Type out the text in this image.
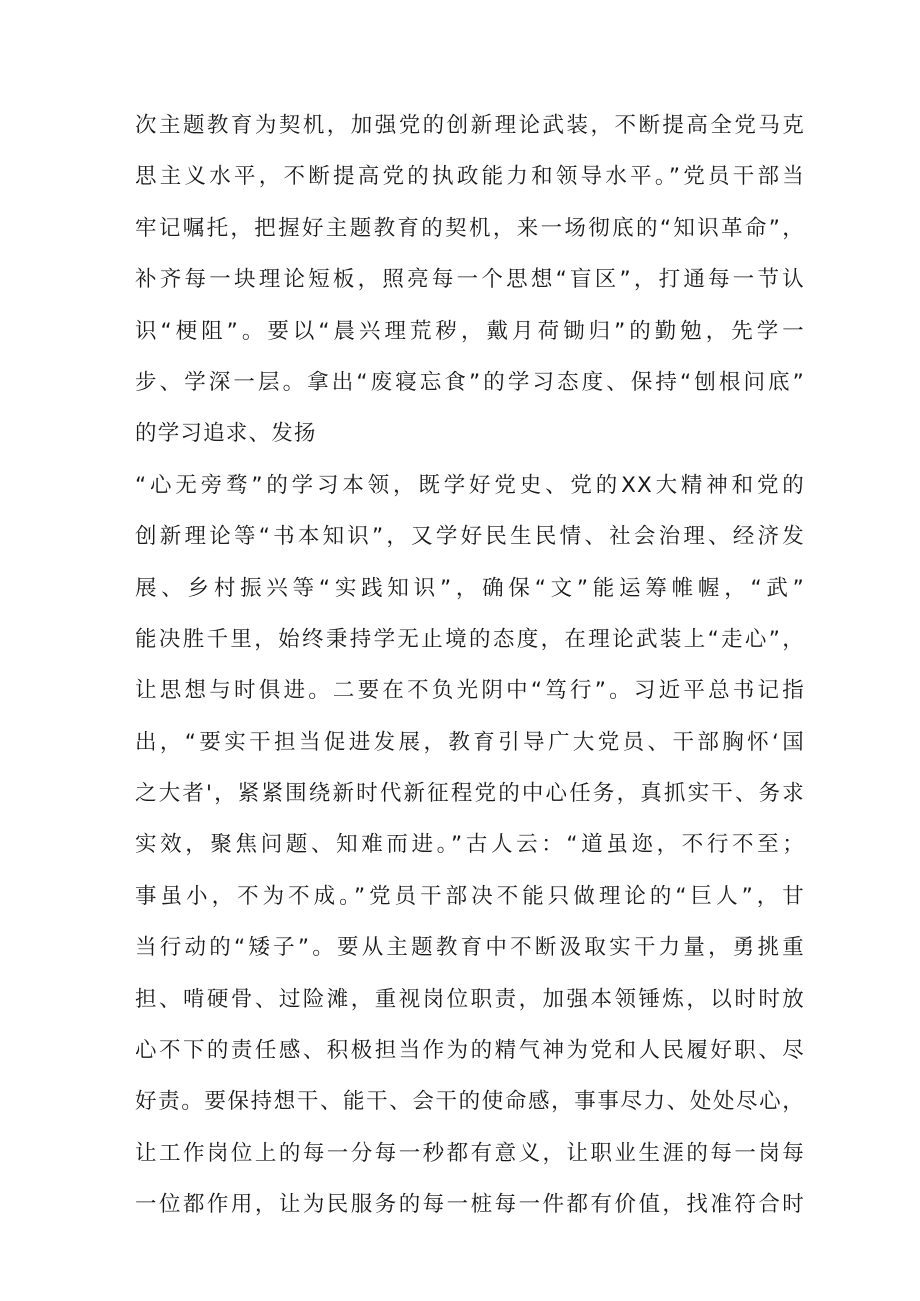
次主题教育为契机，加强党的创新理论武装，不断提高全党马克
思主义水平，不断提高党的执政能力和领导水平。”党员干部当
牢记嘱托，把握好主题教育的契机，来一场彻底的“知识革命”，
补齐每一块理论短板，照亮每一个思想“盲区”，打通每一节认
识“梗阻”。要以“晨兴理荒秽，戴月荷锄归”的勤勉，先学一
步、学深一层。拿出“废寝忘食”的学习态度、保持“刨根问底”
的学习追求、发扬
“心无旁骛”的学习本领，既学好党史、党的XX大精神和党的
创新理论等“书本知识”，又学好民生民情、社会治理、经济发
展、乡村振兴等“实践知识”，确保“文”能运筹帷幄，“武”
能决胜千里，始终秉持学无止境的态度，在理论武装上“走心”，
让思想与时俱进。二要在不负光阴中“笃行”。习近平总书记指
出，“要实干担当促进发展，教育引导广大党员、干部胸怀‘国
之大者'，紧紧围绕新时代新征程党的中心任务，真抓实干、务求
实效，聚焦问题、知难而进。”古人云：“道虽迩，不行不至；
事虽小，不为不成。”党员干部决不能只做理论的“巨人”，甘
当行动的“矮子”。要从主题教育中不断汲取实干力量，勇挑重
担、啃硬骨、过险滩，重视岗位职责，加强本领锤炼，以时时放
心不下的责任感、积极担当作为的精气神为党和人民履好职、尽
好责。要保持想干、能干、会干的使命感，事事尽力、处处尽心，
让工作岗位上的每一分每一秒都有意义，让职业生涯的每一岗每
一位都作用，让为民服务的每一桩每一件都有价值，找准符合时
